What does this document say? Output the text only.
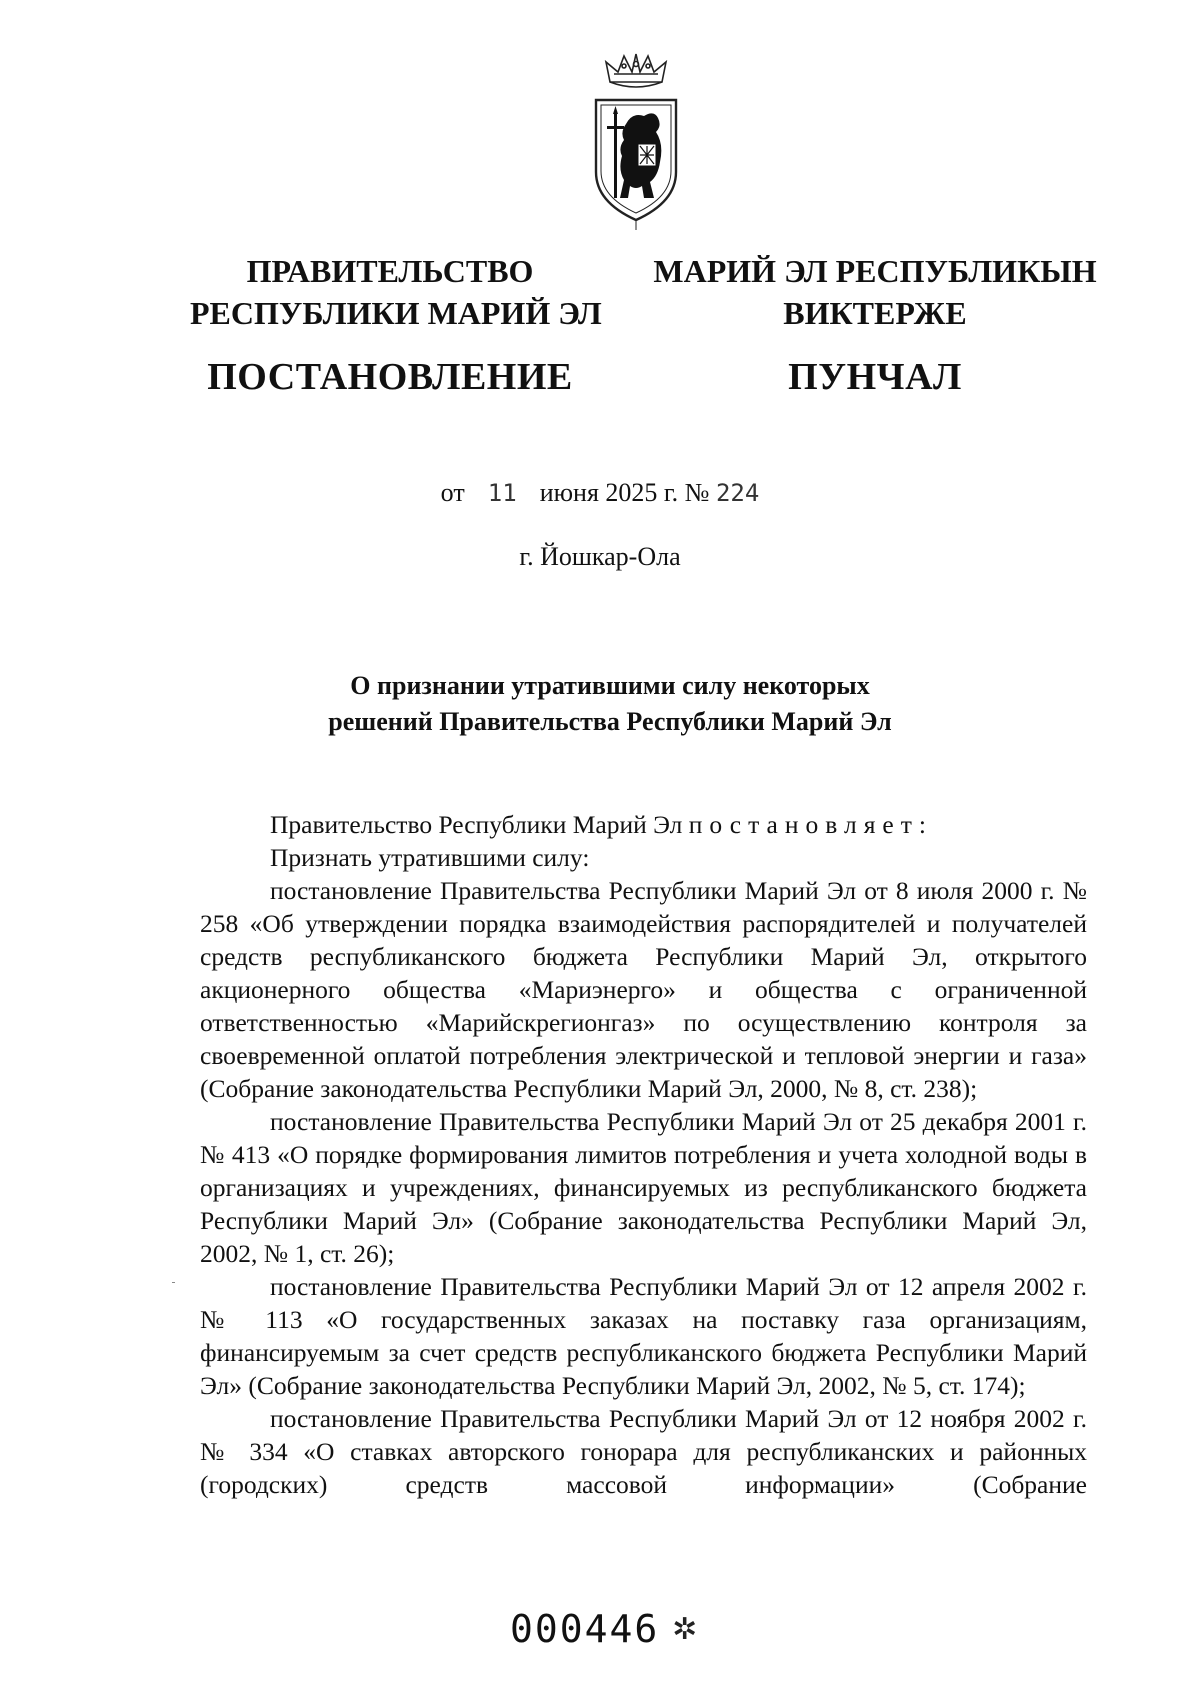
ПРАВИТЕЛЬСТВО
РЕСПУБЛИКИ МАРИЙ ЭЛ
ПОСТАНОВЛЕНИЕ
МАРИЙ ЭЛ РЕСПУБЛИКЫН
ВИКТЕРЖЕ
ПУНЧАЛ
от 11 июня 2025 г. № 224
г. Йошкар-Ола
О признании утратившими силу некоторых
решений Правительства Республики Марий Эл

Правительство Республики Марий Эл постановляет:

Признать утратившими силу:

постановление Правительства Республики Марий Эл от 8 июля 2000 г. № 258 «Об утверждении порядка взаимодействия распорядителей и получателей средств республиканского бюджета Республики Марий Эл, открытого акционерного общества «Мариэнерго» и общества с ограниченной ответственностью «Марийскрегионгаз» по осуществлению контроля за своевременной оплатой потребления электрической и тепловой энергии и газа» (Собрание законодательства Республики Марий Эл, 2000, № 8, ст. 238);

постановление Правительства Республики Марий Эл от 25 декабря 2001 г. № 413 «О порядке формирования лимитов потребления и учета холодной воды в организациях и учреждениях, финансируемых из республиканского бюджета Республики Марий Эл» (Собрание законодательства Республики Марий Эл, 2002, № 1, ст. 26);

постановление Правительства Республики Марий Эл от 12 апреля 2002 г. № 113 «О государственных заказах на поставку газа организациям, финансируемым за счет средств республиканского бюджета Республики Марий Эл» (Собрание законодательства Республики Марий Эл, 2002, № 5, ст. 174);

постановление Правительства Республики Марий Эл от 12 ноября 2002 г. № 334 «О ставках авторского гонорара для республиканских и районных (городских) средств массовой информации» (Собрание

000446 ✲
